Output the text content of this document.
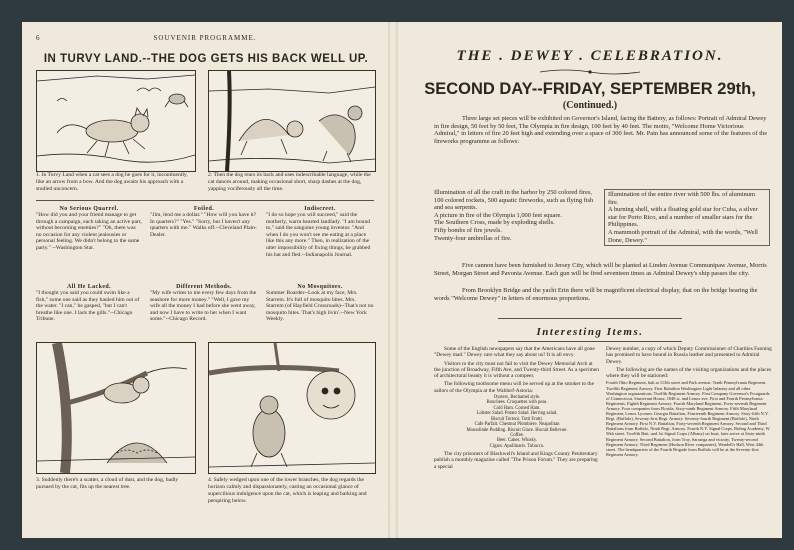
6	SOUVENIR PROGRAMME.
IN TURVY LAND.--THE DOG GETS HIS BACK WELL UP.
1. In Turvy Land when a cat sees a dog he goes for it, incontinently, like an arrow from a bow. And the dog awaits his approach with a studied unconcern.
2. Then the dog rears its back and uses indescribable language, while the cat dances around, making occasional short, sharp dashes at the dog, yapping vociferously all the time.
No Serious Quarrel.
"How did you and your friend manage to get through a campaign, each taking an active part, without becoming enemies?" "Oh, there was no occasion for any violent jealousies or personal feeling. We didn't belong to the same party." --Washington Star.
Foiled.
"Jim, lend me a dollar." "How will you have it? In quarters?" "Yes." "Sorry, but I haven't any quarters with me." Walks off.--Cleveland Plain-Dealer.
Indiscreet.
"I do so hope you will succeed," said the motherly, warm hearted landlady. "I am bound to," said the sanguine young inventor. "And when I do you won't see me eating at a place like this any more." Then, in realization of the utter impossibility of fixing things, he grabbed his hat and fled.--Indianapolis Journal.
All He Lacked.
"I thought you said you could swim like a fish," some one said as they hauled him out of the water. "I can," he gasped, "but I can't breathe like one. I lack the gills."--Chicago Tribune.
Different Methods.
"My wife writes to me every few days from the seashore for more money." "Well, I gave my wife all the money I had before she went away, and now I have to write to her when I want some."--Chicago Record.
No Mosquitoes.
Summer Boarder--Look at my face, Mrs. Starrem. It's full of mosquito bites. Mrs. Starrem (of Hayfield Crossroads)--That's not no mosquito bites. That's high livin'.--New York Weekly.
3. Suddenly there's a scatter, a cloud of dust, and the dog, badly pursued by the cat, fits up the nearest tree.
4. Safely wedged upon one of the lower branches, the dog regards the horizon calmly and dispassionately, casting an occasional glance of supercilious indulgence upon the cat, which is leaping and barking and perspiring below.
THE . DEWEY . CELEBRATION.
SECOND DAY--FRIDAY, SEPTEMBER 29th,
(Continued.)
Three large set pieces will be exhibited on Governor's Island, facing the Battery, as follows: Portrait of Admiral Dewey in fire design, 50 feet by 50 feet, The Olympia in fire design, 100 feet by 40 feet. The motto, "Welcome Home Victorious Admiral," in letters of fire 20 feet high and extending over a space of 300 feet. Mr. Pain has announced some of the features of the fireworks programme as follows:
Illumination of all the craft in the harbor by 250 colored fires, 100 colored rockets, 500 aquatic fireworks, such as flying fish and sea serpents.
A picture in fire of the Olympia 1,000 feet square.
The Southern Cross, made by exploding shells.
Fifty bombs of fire jewels.
Twenty-four umbrellas of fire.
Illumination of the entire river with 500 lbs. of aluminum fire.
A burning shell, with a floating gold star for Cuba, a silver star for Porto Rico, and a number of smaller stars for the Philippines.
A mammoth portrait of the Admiral, with the words, "Well Done, Dewey."
Five cannon have been furnished to Jersey City, which will be planted at Linden Avenue Communipaw Avenue, Morris Street, Morgan Street and Pavonia Avenue. Each gun will be fired seventeen times as Admiral Dewey's ship passes the city.
From Brooklyn Bridge and the yacht Erin there will be magnificent electrical display, that on the bridge bearing the words "Welcome Dewey" in letters of enormous proportions.
Interesting Items.
Some of the English newspapers say that the Americans have all gone "Dewey mad." Dewey care what they say about us? It is all envy.
Visitors to the city must not fail to visit the Dewey Memorial Arch at the junction of Broadway, Fifth Ave, and Twenty-third Street. As a specimen of architectural beauty it is without a compeer.
The following toothsome menu will be served up at the smoker to the sailors of the Olympia at the Waldorf-Astoria:
Oysters, Bechamel style.
Bouchees. Croquettes with peas.
Cold Ham. Corned Ham.
Lobster Salad. Potato Salad. Herring salad.
Biscuit Tortoni. Tutti Frutti.
Cafe Parfait. Chestnut Plombiere. Neapolitan
Mousslinde Pudding. Biscuit Glace. Biscuit Bellevue.
Coffee.
Beer. Cakes. Whisky.
Cigars. Apollinaris. Tobacco.
The city prisoners of Blackwell's Island and Kings County Penitentiary publish a monthly magazine called "The Prison Forum." They are preparing a special
Dewey number, a copy of which Deputy Commissioner of Charities Fanning has promised to have bound in Russia leather and presented to Admiral Dewey.
The following are the names of the visiting organizations and the places where they will be stationed:
Fourth Ohio Regiment, halt at 113th street and Park avenue. Tenth Pennsylvania Regiment, Twelfth Regiment Armory. First Battalion Washington Light Infantry and all other Washington organizations, Twelfth Regiment Armory. First Company Governor's Footguards of Connecticut, Sturtevant House, 1848 st. and Lenox ave. First and Fourth Pennsylvania Regiments, Eighth Regiment Armory. Fourth Maryland Regiment, Forty-seventh Regiment Armory. Four companies from Florida, Sixty-ninth Regiment Armory. Fifth Maryland Regiment, Lenox Lyceum. Georgia Battalion, Fourteenth Regiment Armory. Sixty-fifth N.Y. Regt. (Buffalo), Seventy-first Regt. Armory. Seventy-fourth Regiment (Buffalo), Ninth Regiment Armory. First N.Y. Battalion, Forty-seventh Regiment Armory. Second and Third Battalions from Buffalo, Ninth Regt. Armory. Fourth N.Y. Signal Corps, Riding Academy, W. 56th street. Twelfth Batt. and 1st Signal Corps (Albany) on boat; later arrive at Sixty-ninth Regiment Armory. Second Battalion, from Troy, Saratoga and vicinity, Twenty-second Regiment Armory. Third Regiment (Hudson River companies), Wendell's Hall, West 44th street. The headquarters of the Fourth Brigade from Buffalo will be at the Seventy-first Regiment Armory.
